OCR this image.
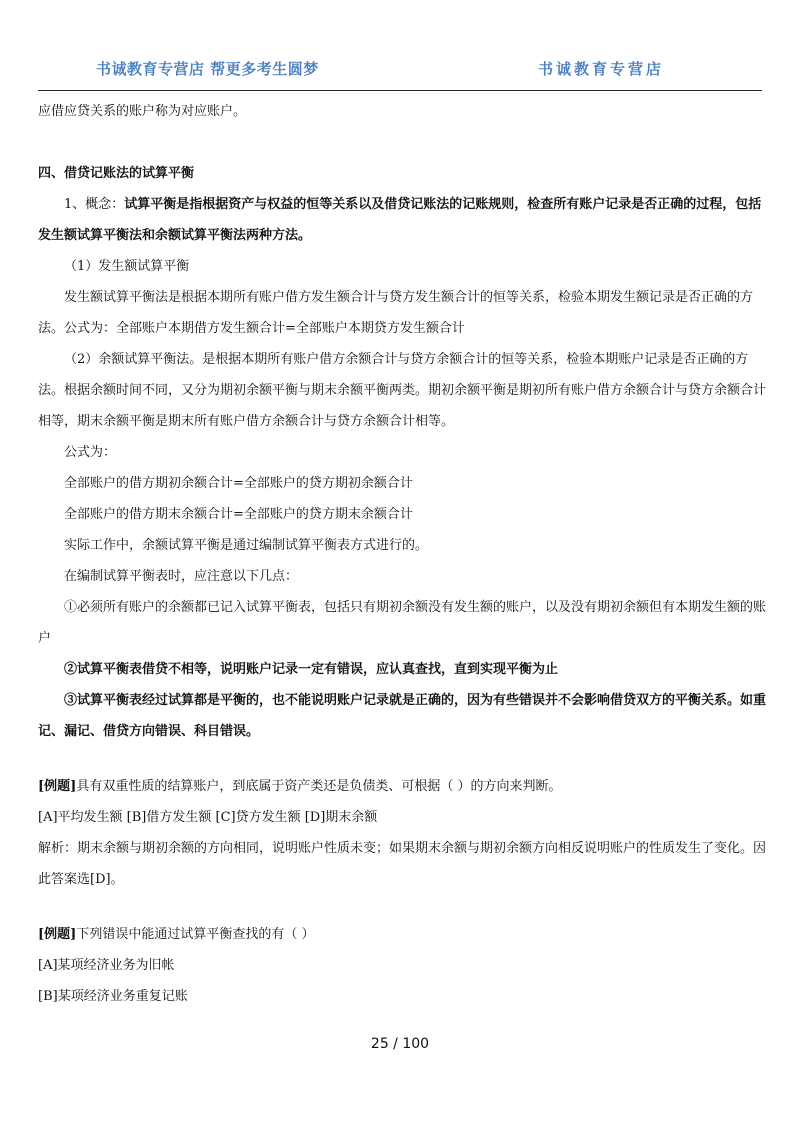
书诚教育专营店 帮更多考生圆梦	书诚教育专营店

应借应贷关系的账户称为对应账户。

四、借贷记账法的试算平衡

1、概念：试算平衡是指根据资产与权益的恒等关系以及借贷记账法的记账规则，检查所有账户记录是否正确的过程，包括发生额试算平衡法和余额试算平衡法两种方法。

（1）发生额试算平衡

发生额试算平衡法是根据本期所有账户借方发生额合计与贷方发生额合计的恒等关系，检验本期发生额记录是否正确的方法。公式为：全部账户本期借方发生额合计=全部账户本期贷方发生额合计

（2）余额试算平衡法。是根据本期所有账户借方余额合计与贷方余额合计的恒等关系，检验本期账户记录是否正确的方法。根据余额时间不同，又分为期初余额平衡与期末余额平衡两类。期初余额平衡是期初所有账户借方余额合计与贷方余额合计相等，期末余额平衡是期末所有账户借方余额合计与贷方余额合计相等。

公式为：

全部账户的借方期初余额合计=全部账户的贷方期初余额合计

全部账户的借方期末余额合计=全部账户的贷方期末余额合计

实际工作中，余额试算平衡是通过编制试算平衡表方式进行的。

在编制试算平衡表时，应注意以下几点：

①必须所有账户的余额都已记入试算平衡表，包括只有期初余额没有发生额的账户，以及没有期初余额但有本期发生额的账户

②试算平衡表借贷不相等，说明账户记录一定有错误，应认真查找，直到实现平衡为止

③试算平衡表经过试算都是平衡的，也不能说明账户记录就是正确的，因为有些错误并不会影响借贷双方的平衡关系。如重记、漏记、借贷方向错误、科目错误。

[例题]具有双重性质的结算账户，到底属于资产类还是负债类、可根据（ ）的方向来判断。

[A]平均发生额 [B]借方发生额 [C]贷方发生额 [D]期末余额

解析：期末余额与期初余额的方向相同，说明账户性质未变；如果期末余额与期初余额方向相反说明账户的性质发生了变化。因此答案选[D]。

[例题]下列错误中能通过试算平衡查找的有（ ）

[A]某项经济业务为旧帐

[B]某项经济业务重复记账

25 / 100
